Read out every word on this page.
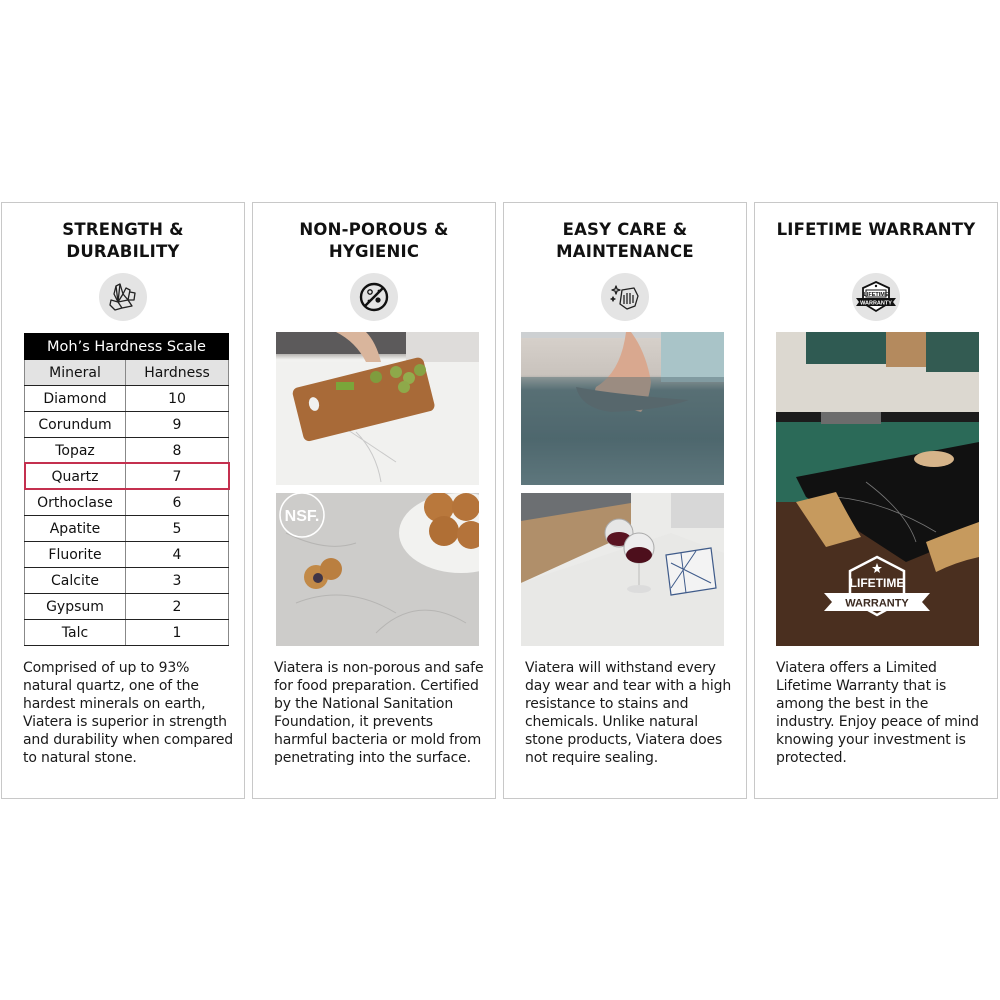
STRENGTH &
DURABILITY
Moh’s Hardness Scale	
Mineral	Hardness
Diamond	10
Corundum	9
Topaz	8
Quartz	7
Orthoclase	6
Apatite	5
Fluorite	4
Calcite	3
Gypsum	2
Talc	1
Comprised of up to 93% natural quartz, one of the hardest minerals on earth, Viatera is superior in strength and durability when compared to natural stone.
NON-POROUS &
HYGIENIC
NSF.
Viatera is non-porous and safe for food preparation. Certified by the National Sanitation Foundation, it prevents harmful bacteria or mold from penetrating into the surface.
EASY CARE &
MAINTENANCE
Viatera will withstand every day wear and tear with a high resistance to stains and chemicals. Unlike natural stone products, Viatera does not require sealing.
LIFETIME WARRANTY
LIFETIME
WARRANTY
LIFETIME
WARRANTY
Viatera offers a Limited Lifetime Warranty that is among the best in the industry. Enjoy peace of mind knowing your investment is protected.
